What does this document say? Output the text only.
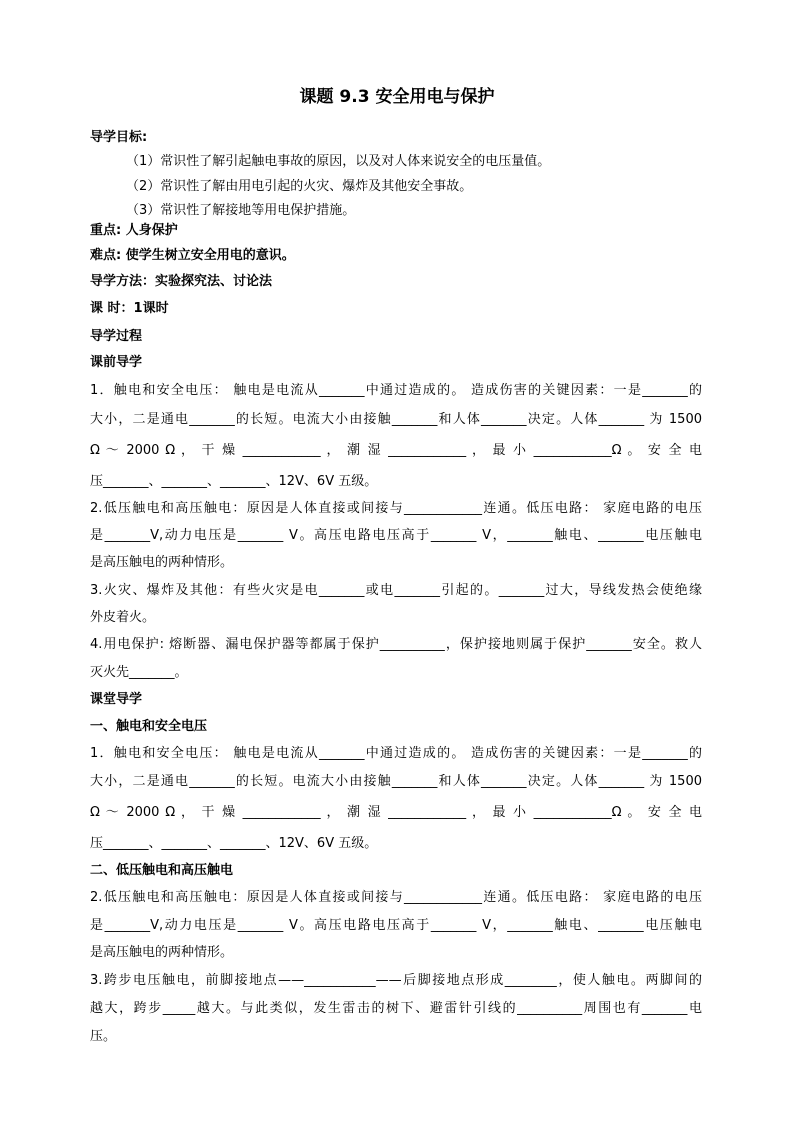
课题 9.3 安全用电与保护
导学目标:
（1）常识性了解引起触电事故的原因，以及对人体来说安全的电压量值。
（2）常识性了解由用电引起的火灾、爆炸及其他安全事故。
（3）常识性了解接地等用电保护措施。
重点: 人身保护
难点: 使学生树立安全用电的意识。
导学方法：实验探究法、讨论法
课 时：1课时
导学过程
课前导学
1．触电和安全电压： 触电是电流从_______中通过造成的。 造成伤害的关键因素：一是_______的
大小，二是通电_______的长短。电流大小由接触_______和人体_______决定。人体_______ 为 1500
Ω ～ 2000 Ω ， 干 燥 ____________ ， 潮 湿 ____________ ， 最 小 ____________Ω 。 安 全 电
压_______、_______、_______、12V、6V 五级。
2.低压触电和高压触电：原因是人体直接或间接与____________连通。低压电路： 家庭电路的电压
是_______V,动力电压是_______ V。高压电路电压高于_______ V，_______触电、_______电压触电
是高压触电的两种情形。
3.火灾、爆炸及其他：有些火灾是电_______或电_______引起的。_______过大，导线发热会使绝缘
外皮着火。
4.用电保护: 熔断器、漏电保护器等都属于保护__________，保护接地则属于保护_______安全。救人
灭火先_______。
课堂导学
一、触电和安全电压
1．触电和安全电压： 触电是电流从_______中通过造成的。 造成伤害的关键因素：一是_______的
大小，二是通电_______的长短。电流大小由接触_______和人体_______决定。人体_______ 为 1500
Ω ～ 2000 Ω ， 干 燥 ____________ ， 潮 湿 ____________ ， 最 小 ____________Ω 。 安 全 电
压_______、_______、_______、12V、6V 五级。
二、低压触电和高压触电
2.低压触电和高压触电：原因是人体直接或间接与____________连通。低压电路： 家庭电路的电压
是_______V,动力电压是_______ V。高压电路电压高于_______ V，_______触电、_______电压触电
是高压触电的两种情形。
3.跨步电压触电，前脚接地点——___________——后脚接地点形成________，使人触电。两脚间的
越大，跨步_____越大。与此类似，发生雷击的树下、避雷针引线的__________周围也有_______电
压。
